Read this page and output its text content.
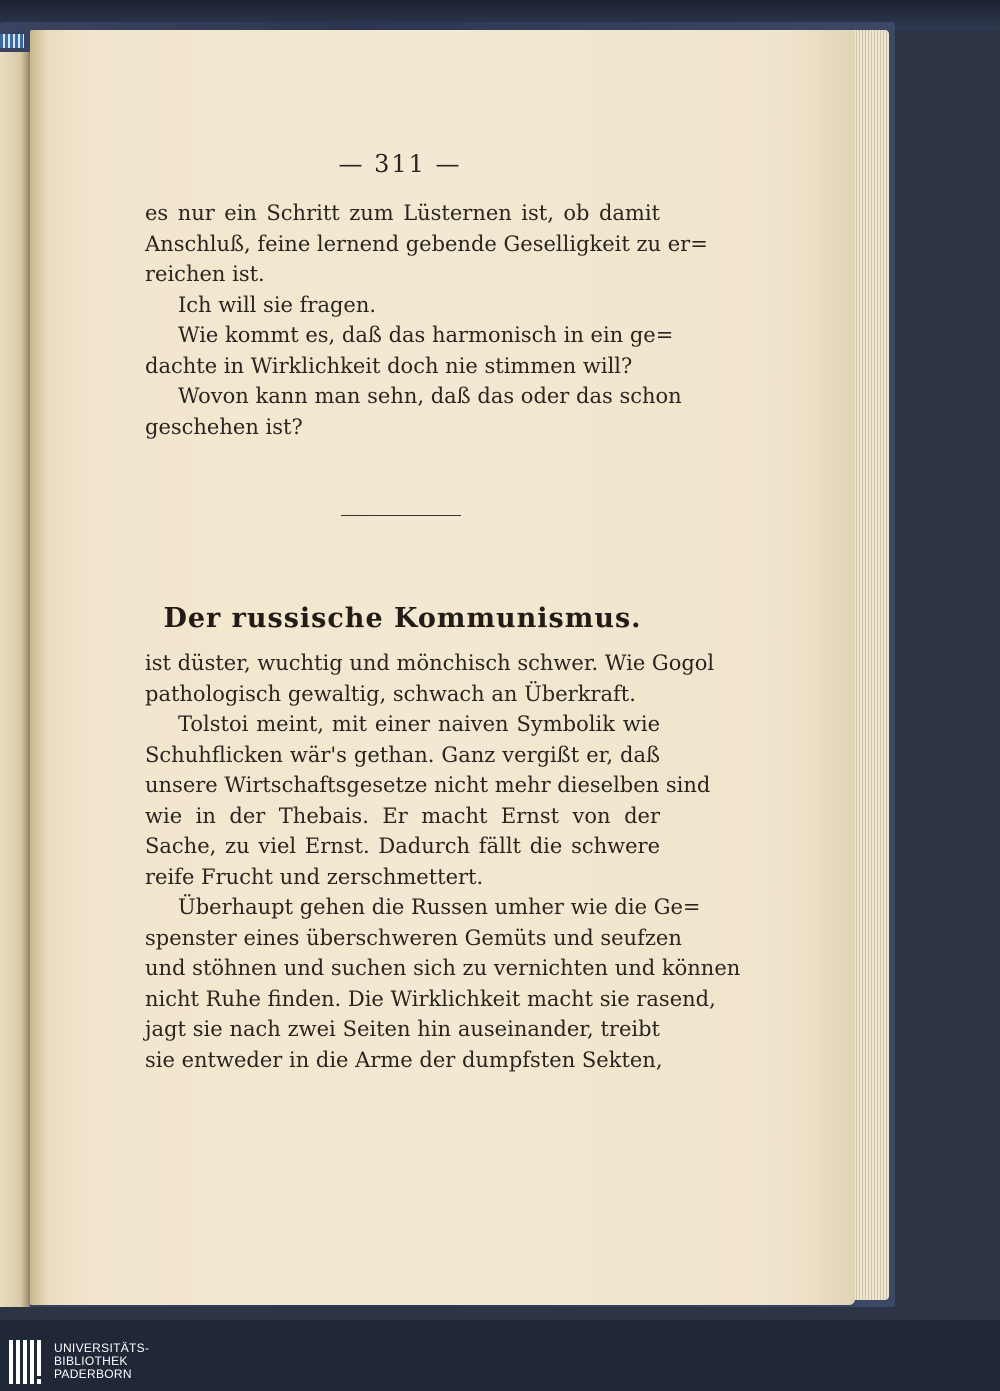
— 311 —
es nur ein Schritt zum Lüsternen ist, ob damit
Anschluß, feine lernend gebende Geselligkeit zu er=
reichen ist.
Ich will sie fragen.
Wie kommt es, daß das harmonisch in ein ge=
dachte in Wirklichkeit doch nie stimmen will?
Wovon kann man sehn, daß das oder das schon
geschehen ist?
Der russische Kommunismus.
ist düster, wuchtig und mönchisch schwer. Wie Gogol
pathologisch gewaltig, schwach an Überkraft.
Tolstoi meint, mit einer naiven Symbolik wie
Schuhflicken wär's gethan. Ganz vergißt er, daß
unsere Wirtschaftsgesetze nicht mehr dieselben sind
wie in der Thebais. Er macht Ernst von der
Sache, zu viel Ernst. Dadurch fällt die schwere
reife Frucht und zerschmettert.
Überhaupt gehen die Russen umher wie die Ge=
spenster eines überschweren Gemüts und seufzen
und stöhnen und suchen sich zu vernichten und können
nicht Ruhe finden. Die Wirklichkeit macht sie rasend,
jagt sie nach zwei Seiten hin auseinander, treibt
sie entweder in die Arme der dumpfsten Sekten,
UNIVERSITÄTS-
BIBLIOTHEK
PADERBORN
